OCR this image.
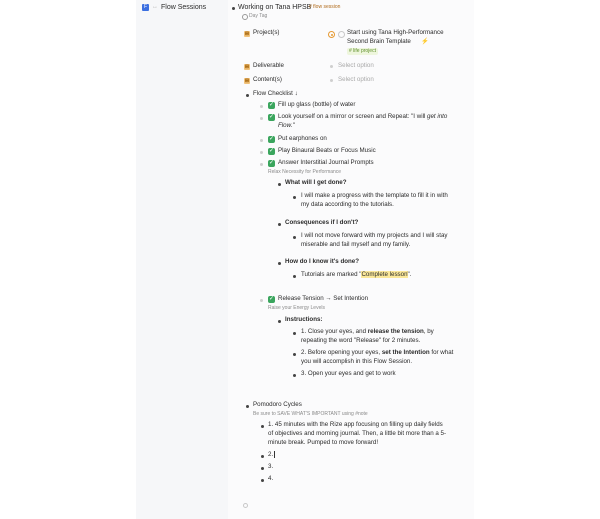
F ↔ Flow Sessions	Working on Tana HPSB
# flow session
Day Tag
⊞ Project(s)	Start using Tana High-Performance
Second Brain Template ⚡
# life project
⊞ Deliverable	Select option
⊞ Content(s)	Select option
Flow Checklist ↓
✓ Fill up glass (bottle) of water
✓ Look yourself on a mirror or screen and Repeat: "I will get into
Flow."
✓ Put earphones on
✓ Play Binaural Beats or Focus Music
✓ Answer Interstitial Journal Prompts
Relax Necessity for Performance
What will I get done?
I will make a progress with the template to fill it in with
my data according to the tutorials.
Consequences if I don't?
I will not move forward with my projects and I will stay
miserable and fail myself and my family.
How do I know it's done?
Tutorials are marked "Complete lesson".
✓ Release Tension → Set Intention
Raise your Energy Levels
Instructions:
1. Close your eyes, and release the tension, by
repeating the word "Release" for 2 minutes.
2. Before opening your eyes, set the Intention for what
you will accomplish in this Flow Session.
3. Open your eyes and get to work
Pomodoro Cycles
Be sure to SAVE WHAT'S IMPORTANT using #note
1. 45 minutes with the Rize app focusing on filling up daily fields
of objectives and morning journal. Then, a little bit more than a 5-
minute break. Pumped to move forward!
2.
3.
4.
